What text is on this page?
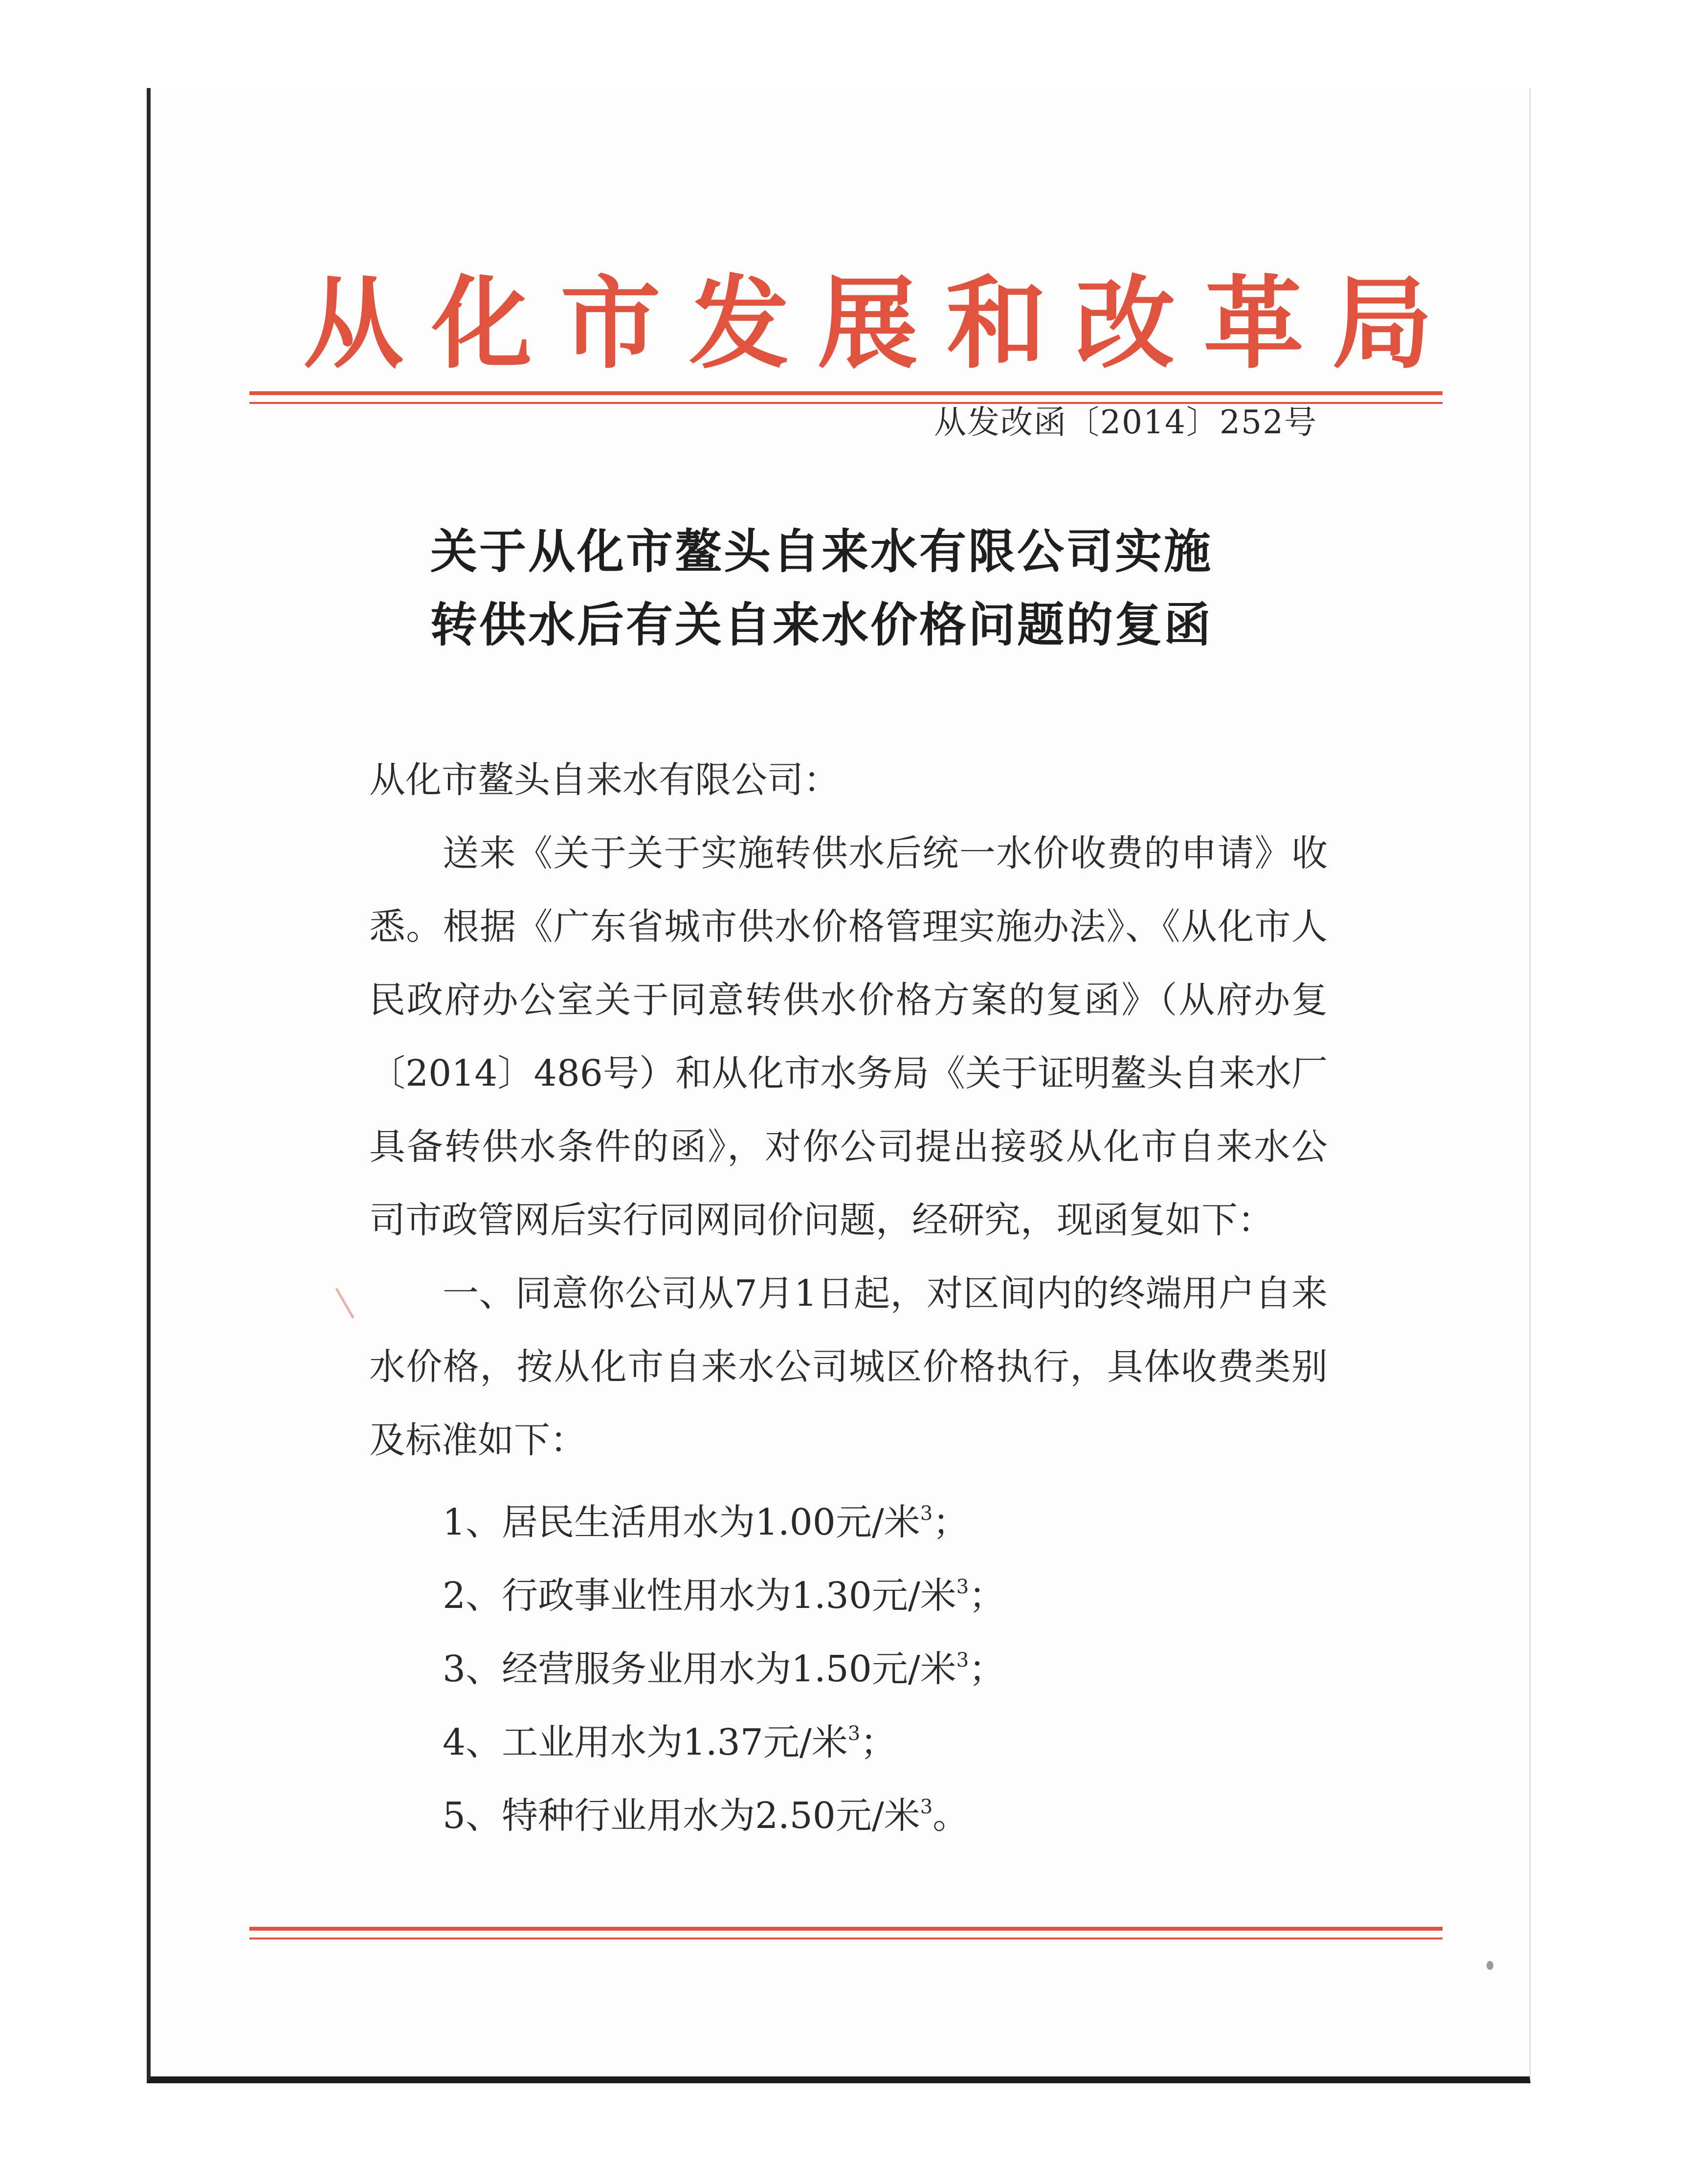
从化市发展和改革局
从发改函〔2014〕252号
关于从化市鳌头自来水有限公司实施
转供水后有关自来水价格问题的复函
从化市鳌头自来水有限公司：

送来《关于关于实施转供水后统一水价收费的申请》收悉。根据《广东省城市供水价格管理实施办法》、《从化市人民政府办公室关于同意转供水价格方案的复函》（从府办复〔2014〕486号）和从化市水务局《关于证明鳌头自来水厂具备转供水条件的函》，对你公司提出接驳从化市自来水公司市政管网后实行同网同价问题，经研究，现函复如下：

一、同意你公司从7月1日起，对区间内的终端用户自来水价格，按从化市自来水公司城区价格执行，具体收费类别及标准如下：

1、居民生活用水为1.00元/米$^3$；
2、行政事业性用水为1.30元/米$^3$；
3、经营服务业用水为1.50元/米$^3$；
4、工业用水为1.37元/米$^3$；
5、特种行业用水为2.50元/米$^3$。
